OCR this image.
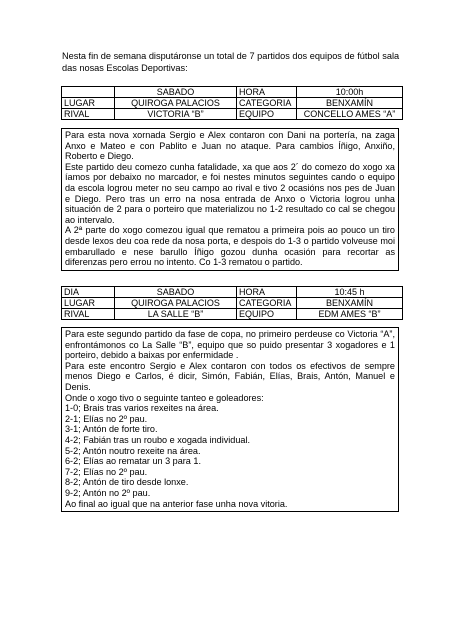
Nesta fin de semana disputáronse un total de 7 partidos dos equipos de fútbol sala das nosas Escolas Deportivas:
	SABADO	HORA	10:00h
LUGAR	QUIROGA PALACIOS	CATEGORIA	BENXAMÍN
RIVAL	VICTORIA “B”	EQUIPO	CONCELLO AMES “A”

Para esta nova xornada Sergio e Alex contaron con Dani na portería, na zaga Anxo e Mateo e con Pablito e Juan no ataque. Para cambios Íñigo, Anxiño, Roberto e Diego.

Este partido deu comezo cunha fatalidade, xa que aos 2´ do comezo do xogo xa íamos por debaixo no marcador, e foi nestes minutos seguintes cando o equipo da escola logrou meter no seu campo ao rival e tivo 2 ocasións nos pes de Juan e Diego. Pero tras un erro na nosa entrada de Anxo o Victoria logrou unha situación de 2 para o porteiro que materializou no 1-2 resultado co cal se chegou ao intervalo.

A 2ª parte do xogo comezou igual que rematou a primeira pois ao pouco un tiro desde lexos deu coa rede da nosa porta, e despois do 1-3 o partido volveuse moi embarullado e nese barullo Íñigo gozou dunha ocasión para recortar as diferenzas pero errou no intento. Co 1-3 rematou o partido.

DIA	SABADO	HORA	10:45 h
LUGAR	QUIROGA PALACIOS	CATEGORIA	BENXAMÍN
RIVAL	LA SALLE “B”	EQUIPO	EDM AMES “B”

Para este segundo partido da fase de copa, no primeiro perdeuse co Victoria “A”, enfrontámonos co La Salle “B”, equipo que so puido presentar 3 xogadores e 1 porteiro, debido a baixas por enfermidade .

Para este encontro Sergio e Alex contaron con todos os efectivos de sempre menos Diego e Carlos, é dicir, Simón, Fabián, Elías, Brais, Antón, Manuel e Denis.

Onde o xogo tivo o seguinte tanteo e goleadores:

1-0; Brais tras varios rexeites na área.

2-1; Elías no 2º pau.

3-1; Antón de forte tiro.

4-2; Fabián tras un roubo e xogada individual.

5-2; Antón noutro rexeite na área.

6-2; Elías ao rematar un 3 para 1.

7-2; Elías no 2º pau.

8-2; Antón de tiro desde lonxe.

9-2; Antón no 2º pau.

Ao final ao igual que na anterior fase unha nova vitoria.
